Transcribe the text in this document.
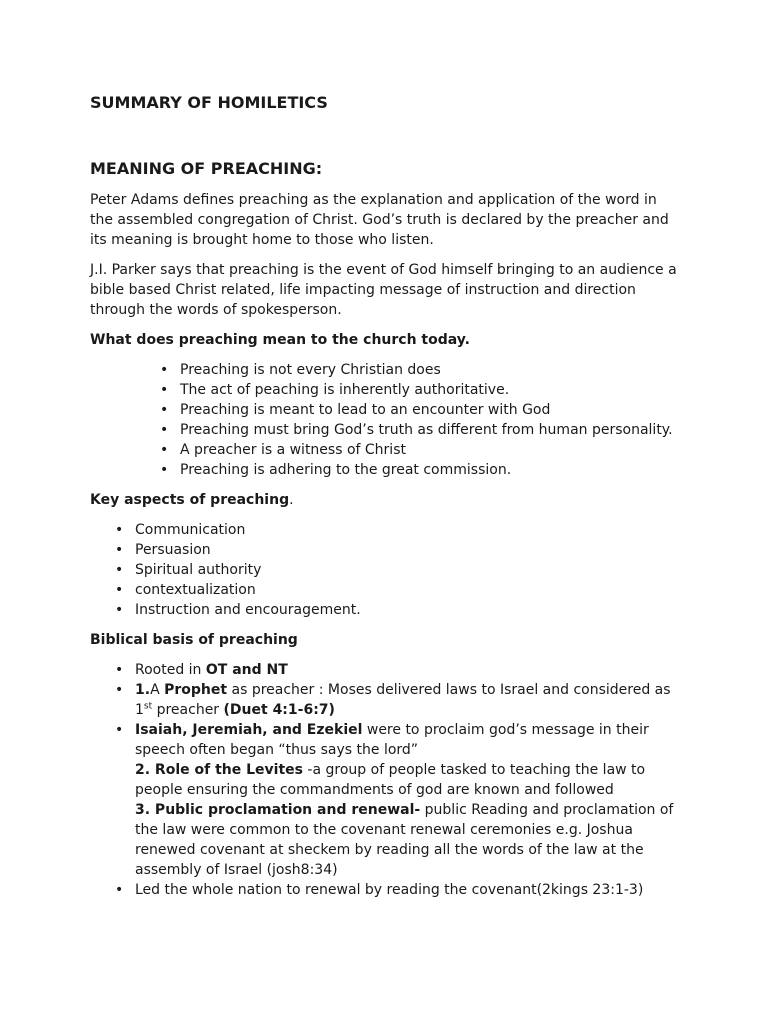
SUMMARY OF HOMILETICS
MEANING OF PREACHING:

Peter Adams defines preaching as the explanation and application of the word in the assembled congregation of Christ. God’s truth is declared by the preacher and its meaning is brought home to those who listen.

J.I. Parker says that preaching is the event of God himself bringing to an audience a bible based Christ related, life impacting message of instruction and direction through the words of spokesperson.

What does preaching mean to the church today.
• Preaching is not every Christian does
• The act of peaching is inherently authoritative.
• Preaching is meant to lead to an encounter with God
• Preaching must bring God’s truth as different from human personality.
• A preacher is a witness of Christ
• Preaching is adhering to the great commission.
Key aspects of preaching.
• Communication
• Persuasion
• Spiritual authority
• contextualization
• Instruction and encouragement.
Biblical basis of preaching
• Rooted in OT and NT
• 1.A Prophet as preacher : Moses delivered laws to Israel and considered as 1st preacher (Duet 4:1-6:7)
• Isaiah, Jeremiah, and Ezekiel were to proclaim god’s message in their speech often began “thus says the lord”
2. Role of the Levites -a group of people tasked to teaching the law to people ensuring the commandments of god are known and followed
3. Public proclamation and renewal- public Reading and proclamation of the law were common to the covenant renewal ceremonies e.g. Joshua renewed covenant at sheckem by reading all the words of the law at the assembly of Israel (josh8:34)
• Led the whole nation to renewal by reading the covenant(2kings 23:1-3)
